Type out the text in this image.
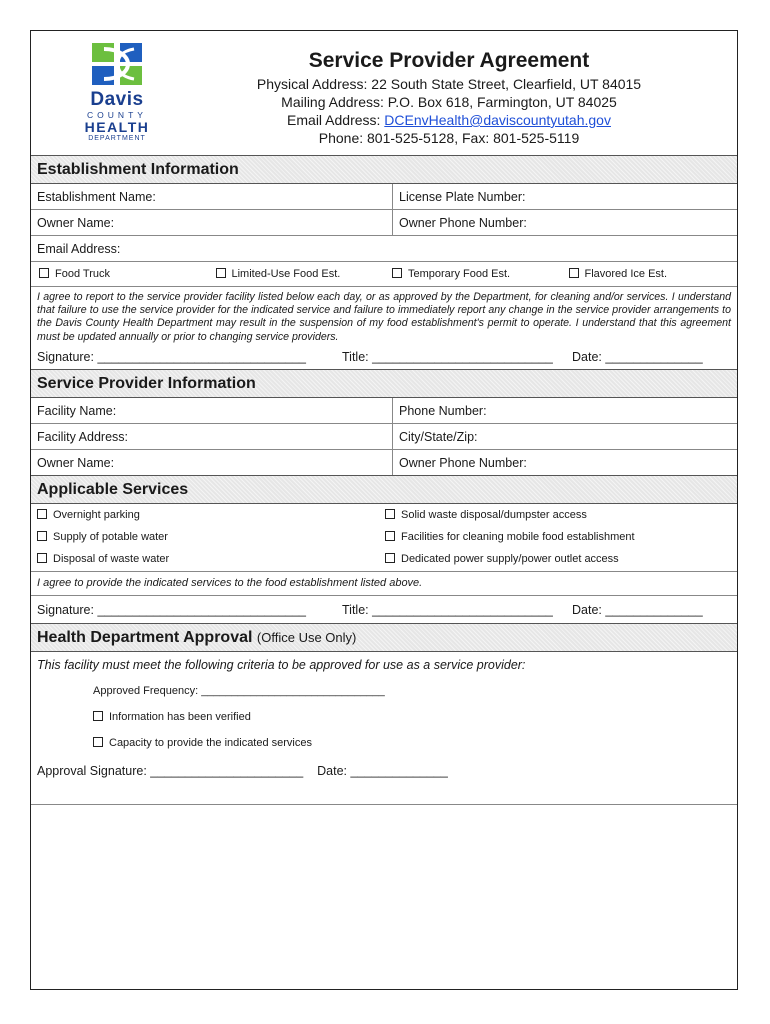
Davis
COUNTY
HEALTH
DEPARTMENT
Service Provider Agreement
Physical Address: 22 South State Street, Clearfield, UT 84015
Mailing Address: P.O. Box 618, Farmington, UT 84025
Email Address: DCEnvHealth@daviscountyutah.gov
Phone: 801-525-5128, Fax: 801-525-5119
Establishment Information
Establishment Name:	License Plate Number:
Owner Name:	Owner Phone Number:
Email Address:
Food Truck	Limited-Use Food Est.	Temporary Food Est.	Flavored Ice Est.
I agree to report to the service provider facility listed below each day, or as approved by the Department, for cleaning and/or services. I understand that failure to use the service provider for the indicated service and failure to immediately report any change in the service provider arrangements to the Davis County Health Department may result in the suspension of my food establishment's permit to operate. I understand that this agreement must be updated annually or prior to changing service providers.
Signature: ______________________________	Title: __________________________	Date: ______________
Service Provider Information
Facility Name:	Phone Number:
Facility Address:	City/State/Zip:
Owner Name:	Owner Phone Number:
Applicable Services
Overnight parking	Solid waste disposal/dumpster access
Supply of potable water	Facilities for cleaning mobile food establishment
Disposal of waste water	Dedicated power supply/power outlet access
I agree to provide the indicated services to the food establishment listed above.
Signature: ______________________________	Title: __________________________	Date: ______________
Health Department Approval (Office Use Only)
This facility must meet the following criteria to be approved for use as a service provider:
Approved Frequency: ______________________________
Information has been verified
Capacity to provide the indicated services
Approval Signature: ______________________ Date: ______________
